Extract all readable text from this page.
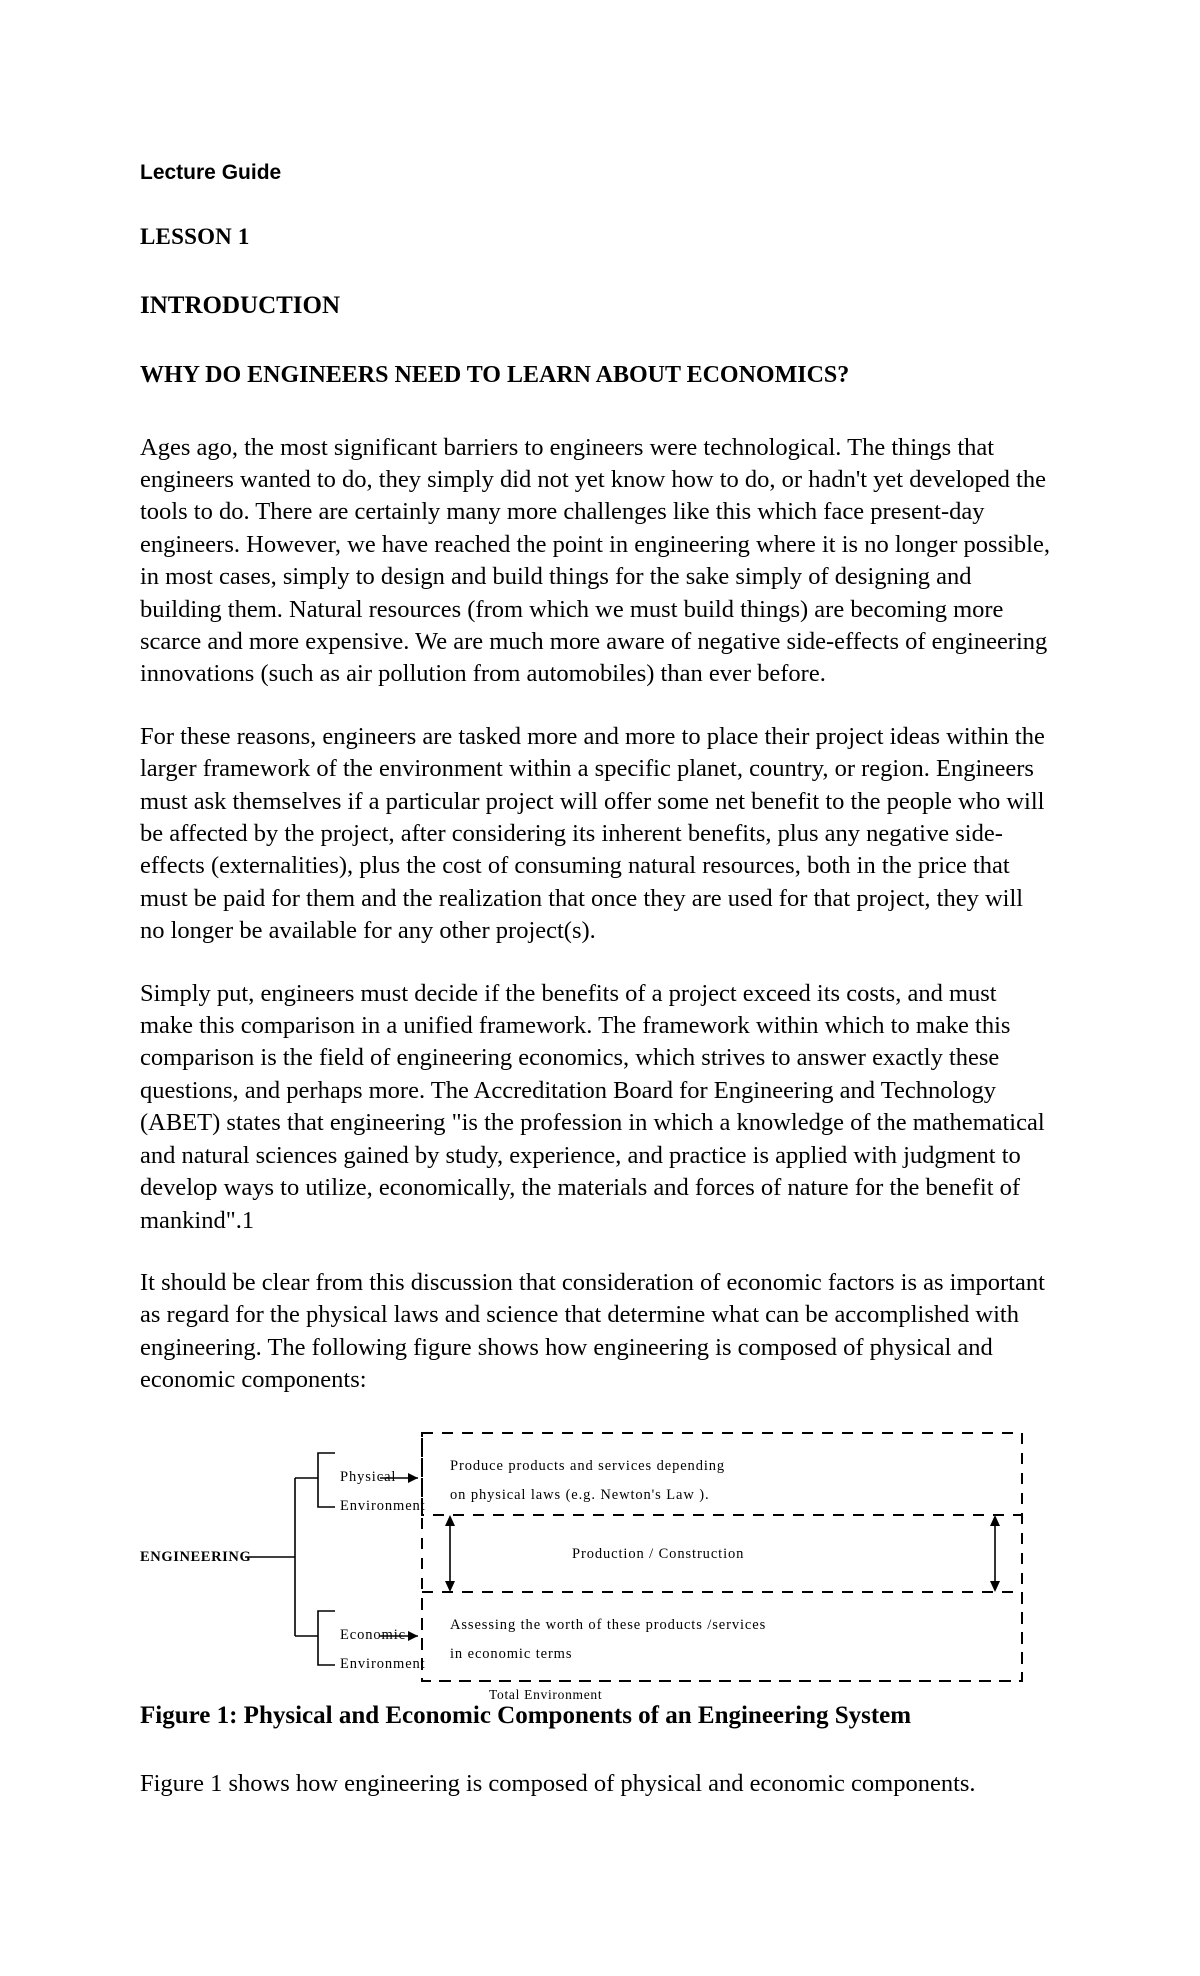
Lecture Guide
LESSON 1
INTRODUCTION
WHY DO ENGINEERS NEED TO LEARN ABOUT ECONOMICS?

Ages ago, the most significant barriers to engineers were technological. The things that engineers wanted to do, they simply did not yet know how to do, or hadn't yet developed the tools to do. There are certainly many more challenges like this which face present-day engineers. However, we have reached the point in engineering where it is no longer possible, in most cases, simply to design and build things for the sake simply of designing and building them. Natural resources (from which we must build things) are becoming more scarce and more expensive. We are much more aware of negative side-effects of engineering innovations (such as air pollution from automobiles) than ever before.

For these reasons, engineers are tasked more and more to place their project ideas within the larger framework of the environment within a specific planet, country, or region. Engineers must ask themselves if a particular project will offer some net benefit to the people who will be affected by the project, after considering its inherent benefits, plus any negative side-effects (externalities), plus the cost of consuming natural resources, both in the price that must be paid for them and the realization that once they are used for that project, they will no longer be available for any other project(s).

Simply put, engineers must decide if the benefits of a project exceed its costs, and must make this comparison in a unified framework. The framework within which to make this comparison is the field of engineering economics, which strives to answer exactly these questions, and perhaps more. The Accreditation Board for Engineering and Technology (ABET) states that engineering "is the profession in which a knowledge of the mathematical and natural sciences gained by study, experience, and practice is applied with judgment to develop ways to utilize, economically, the materials and forces of nature for the benefit of mankind".1

It should be clear from this discussion that consideration of economic factors is as important as regard for the physical laws and science that determine what can be accomplished with engineering. The following figure shows how engineering is composed of physical and economic components:

ENGINEERING
Physical
Environment
Economic
Environment
Produce products and services depending
on physical laws (e.g. Newton's Law ).
Production / Construction
Assessing the worth of these products /services
in economic terms
Total Environment
Figure 1: Physical and Economic Components of an Engineering System

Figure 1 shows how engineering is composed of physical and economic components.
